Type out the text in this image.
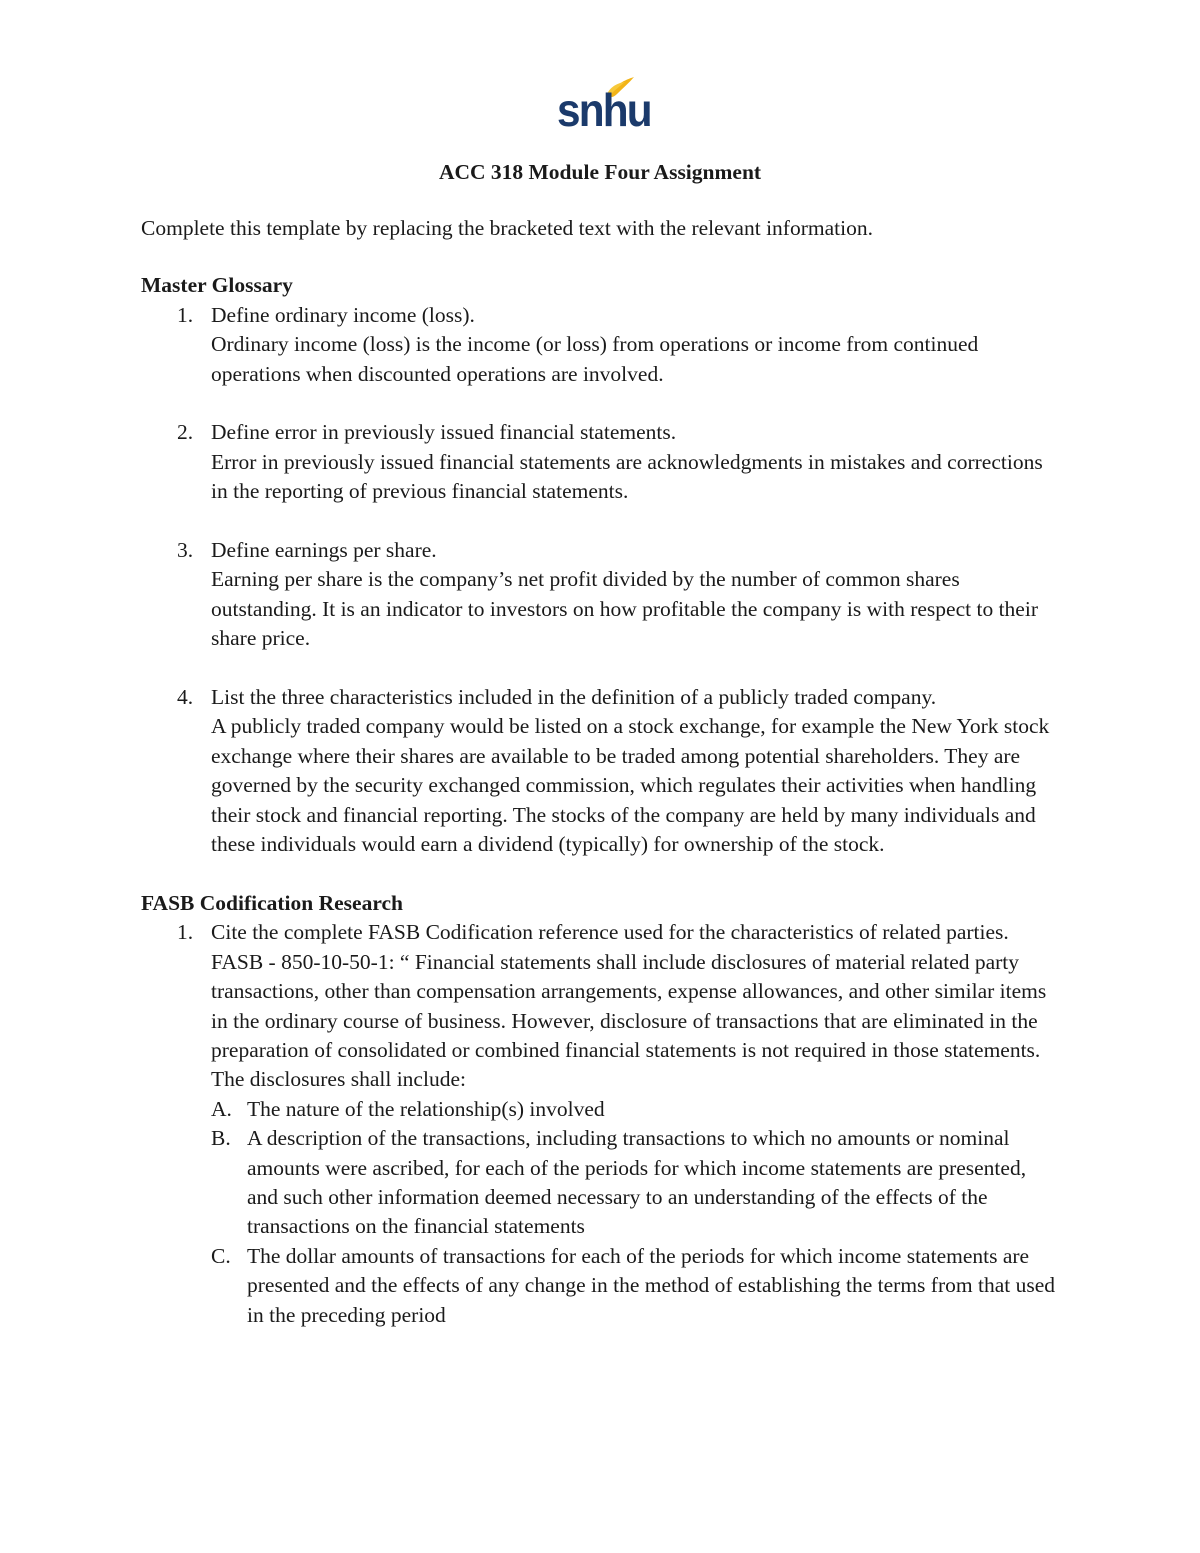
snhu
ACC 318 Module Four Assignment

Complete this template by replacing the bracketed text with the relevant information.

Master Glossary

1. Define ordinary income (loss).

Ordinary income (loss) is the income (or loss) from operations or income from continued operations when discounted operations are involved.

2. Define error in previously issued financial statements.

Error in previously issued financial statements are acknowledgments in mistakes and corrections in the reporting of previous financial statements.

3. Define earnings per share.

Earning per share is the company’s net profit divided by the number of common shares outstanding. It is an indicator to investors on how profitable the company is with respect to their share price.

4. List the three characteristics included in the definition of a publicly traded company.

A publicly traded company would be listed on a stock exchange, for example the New York stock exchange where their shares are available to be traded among potential shareholders. They are governed by the security exchanged commission, which regulates their activities when handling their stock and financial reporting. The stocks of the company are held by many individuals and these individuals would earn a dividend (typically) for ownership of the stock.

FASB Codification Research

1. Cite the complete FASB Codification reference used for the characteristics of related parties.

FASB - 850-10-50-1: “ Financial statements shall include disclosures of material related party transactions, other than compensation arrangements, expense allowances, and other similar items in the ordinary course of business. However, disclosure of transactions that are eliminated in the preparation of consolidated or combined financial statements is not required in those statements. The disclosures shall include:

A. The nature of the relationship(s) involved
B. A description of the transactions, including transactions to which no amounts or nominal amounts were ascribed, for each of the periods for which income statements are presented, and such other information deemed necessary to an understanding of the effects of the transactions on the financial statements
C. The dollar amounts of transactions for each of the periods for which income statements are presented and the effects of any change in the method of establishing the terms from that used in the preceding period
